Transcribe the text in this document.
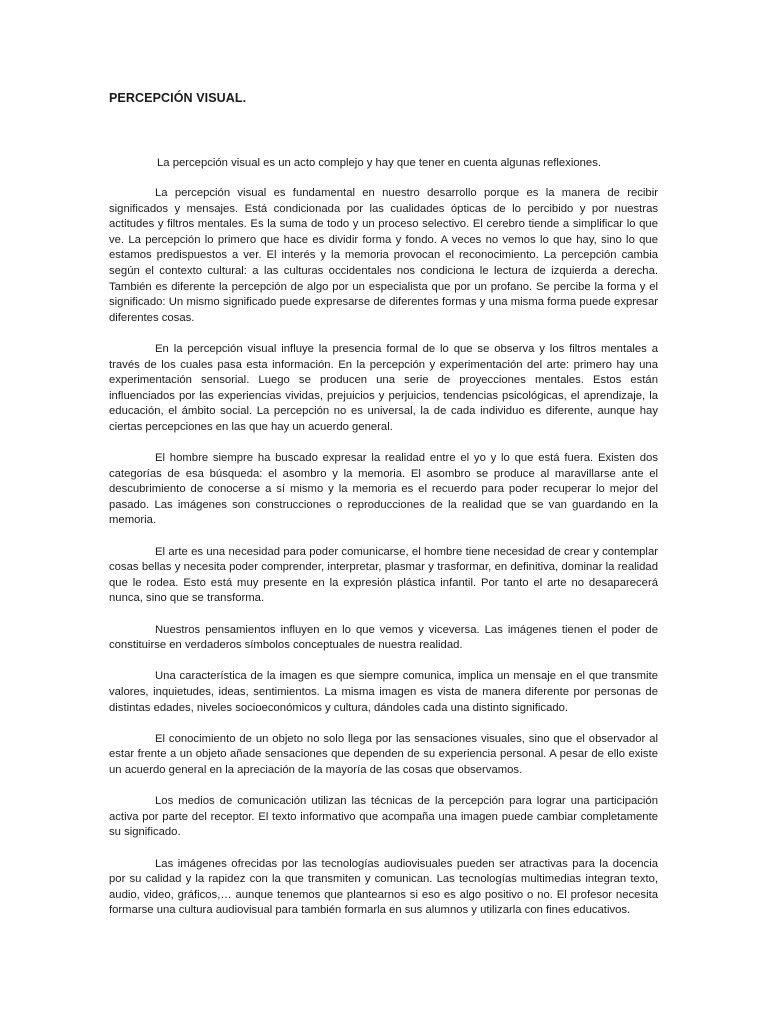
PERCEPCIÓN VISUAL.

La percepción visual es un acto complejo y hay que tener en cuenta algunas reflexiones.

La percepción visual es fundamental en nuestro desarrollo porque es la manera de recibir significados y mensajes. Está condicionada por las cualidades ópticas de lo percibido y por nuestras actitudes y filtros mentales. Es la suma de todo y un proceso selectivo. El cerebro tiende a simplificar lo que ve. La percepción lo primero que hace es dividir forma y fondo. A veces no vemos lo que hay, sino lo que estamos predispuestos a ver. El interés y la memoria provocan el reconocimiento. La percepción cambia según el contexto cultural: a las culturas occidentales nos condiciona le lectura de izquierda a derecha. También es diferente la percepción de algo por un especialista que por un profano. Se percibe la forma y el significado: Un mismo significado puede expresarse de diferentes formas y una misma forma puede expresar diferentes cosas.

En la percepción visual influye la presencia formal de lo que se observa y los filtros mentales a través de los cuales pasa esta información. En la percepción y experimentación del arte: primero hay una experimentación sensorial. Luego se producen una serie de proyecciones mentales. Estos están influenciados por las experiencias vividas, prejuicios y perjuicios, tendencias psicológicas, el aprendizaje, la educación, el ámbito social. La percepción no es universal, la de cada individuo es diferente, aunque hay ciertas percepciones en las que hay un acuerdo general.

El hombre siempre ha buscado expresar la realidad entre el yo y lo que está fuera. Existen dos categorías de esa búsqueda: el asombro y la memoria. El asombro se produce al maravillarse ante el descubrimiento de conocerse a sí mismo y la memoria es el recuerdo para poder recuperar lo mejor del pasado. Las imágenes son construcciones o reproducciones de la realidad que se van guardando en la memoria.

El arte es una necesidad para poder comunicarse, el hombre tiene necesidad de crear y contemplar cosas bellas y necesita poder comprender, interpretar, plasmar y trasformar, en definitiva, dominar la realidad que le rodea. Esto está muy presente en la expresión plástica infantil. Por tanto el arte no desaparecerá nunca, sino que se transforma.

Nuestros pensamientos influyen en lo que vemos y viceversa. Las imágenes tienen el poder de constituirse en verdaderos símbolos conceptuales de nuestra realidad.

Una característica de la imagen es que siempre comunica, implica un mensaje en el que transmite valores, inquietudes, ideas, sentimientos. La misma imagen es vista de manera diferente por personas de distintas edades, niveles socioeconómicos y cultura, dándoles cada una distinto significado.

El conocimiento de un objeto no solo llega por las sensaciones visuales, sino que el observador al estar frente a un objeto añade sensaciones que dependen de su experiencia personal. A pesar de ello existe un acuerdo general en la apreciación de la mayoría de las cosas que observamos.

Los medios de comunicación utilizan las técnicas de la percepción para lograr una participación activa por parte del receptor. El texto informativo que acompaña una imagen puede cambiar completamente su significado.

Las imágenes ofrecidas por las tecnologías audiovisuales pueden ser atractivas para la docencia por su calidad y la rapidez con la que transmiten y comunican. Las tecnologías multimedias integran texto, audio, video, gráficos,… aunque tenemos que plantearnos si eso es algo positivo o no. El profesor necesita formarse una cultura audiovisual para también formarla en sus alumnos y utilizarla con fines educativos.
